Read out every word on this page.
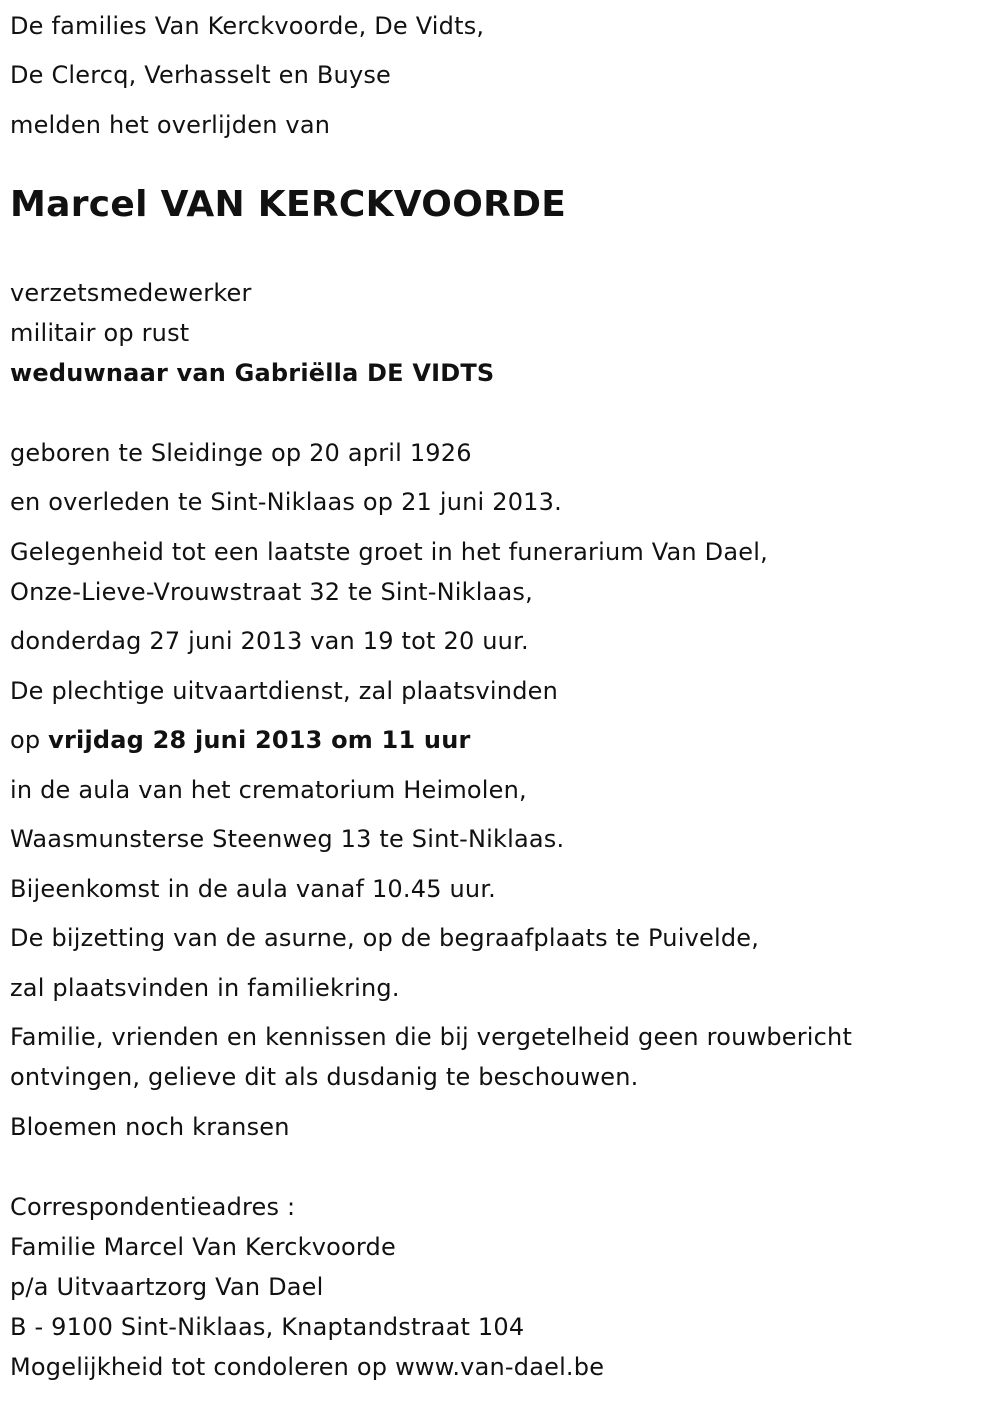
De families Van Kerckvoorde, De Vidts,
De Clercq, Verhasselt en Buyse
melden het overlijden van
Marcel VAN KERCKVOORDE
verzetsmedewerker
militair op rust
weduwnaar van Gabriëlla DE VIDTS
geboren te Sleidinge op 20 april 1926
en overleden te Sint-Niklaas op 21 juni 2013.
Gelegenheid tot een laatste groet in het funerarium Van Dael,
Onze-Lieve-Vrouwstraat 32 te Sint-Niklaas,
donderdag 27 juni 2013 van 19 tot 20 uur.
De plechtige uitvaartdienst, zal plaatsvinden
op vrijdag 28 juni 2013 om 11 uur
in de aula van het crematorium Heimolen,
Waasmunsterse Steenweg 13 te Sint-Niklaas.
Bijeenkomst in de aula vanaf 10.45 uur.
De bijzetting van de asurne, op de begraafplaats te Puivelde,
zal plaatsvinden in familiekring.
Familie, vrienden en kennissen die bij vergetelheid geen rouwbericht
ontvingen, gelieve dit als dusdanig te beschouwen.
Bloemen noch kransen
Correspondentieadres :
Familie Marcel Van Kerckvoorde
p/a Uitvaartzorg Van Dael
B - 9100 Sint-Niklaas, Knaptandstraat 104
Mogelijkheid tot condoleren op www.van-dael.be
